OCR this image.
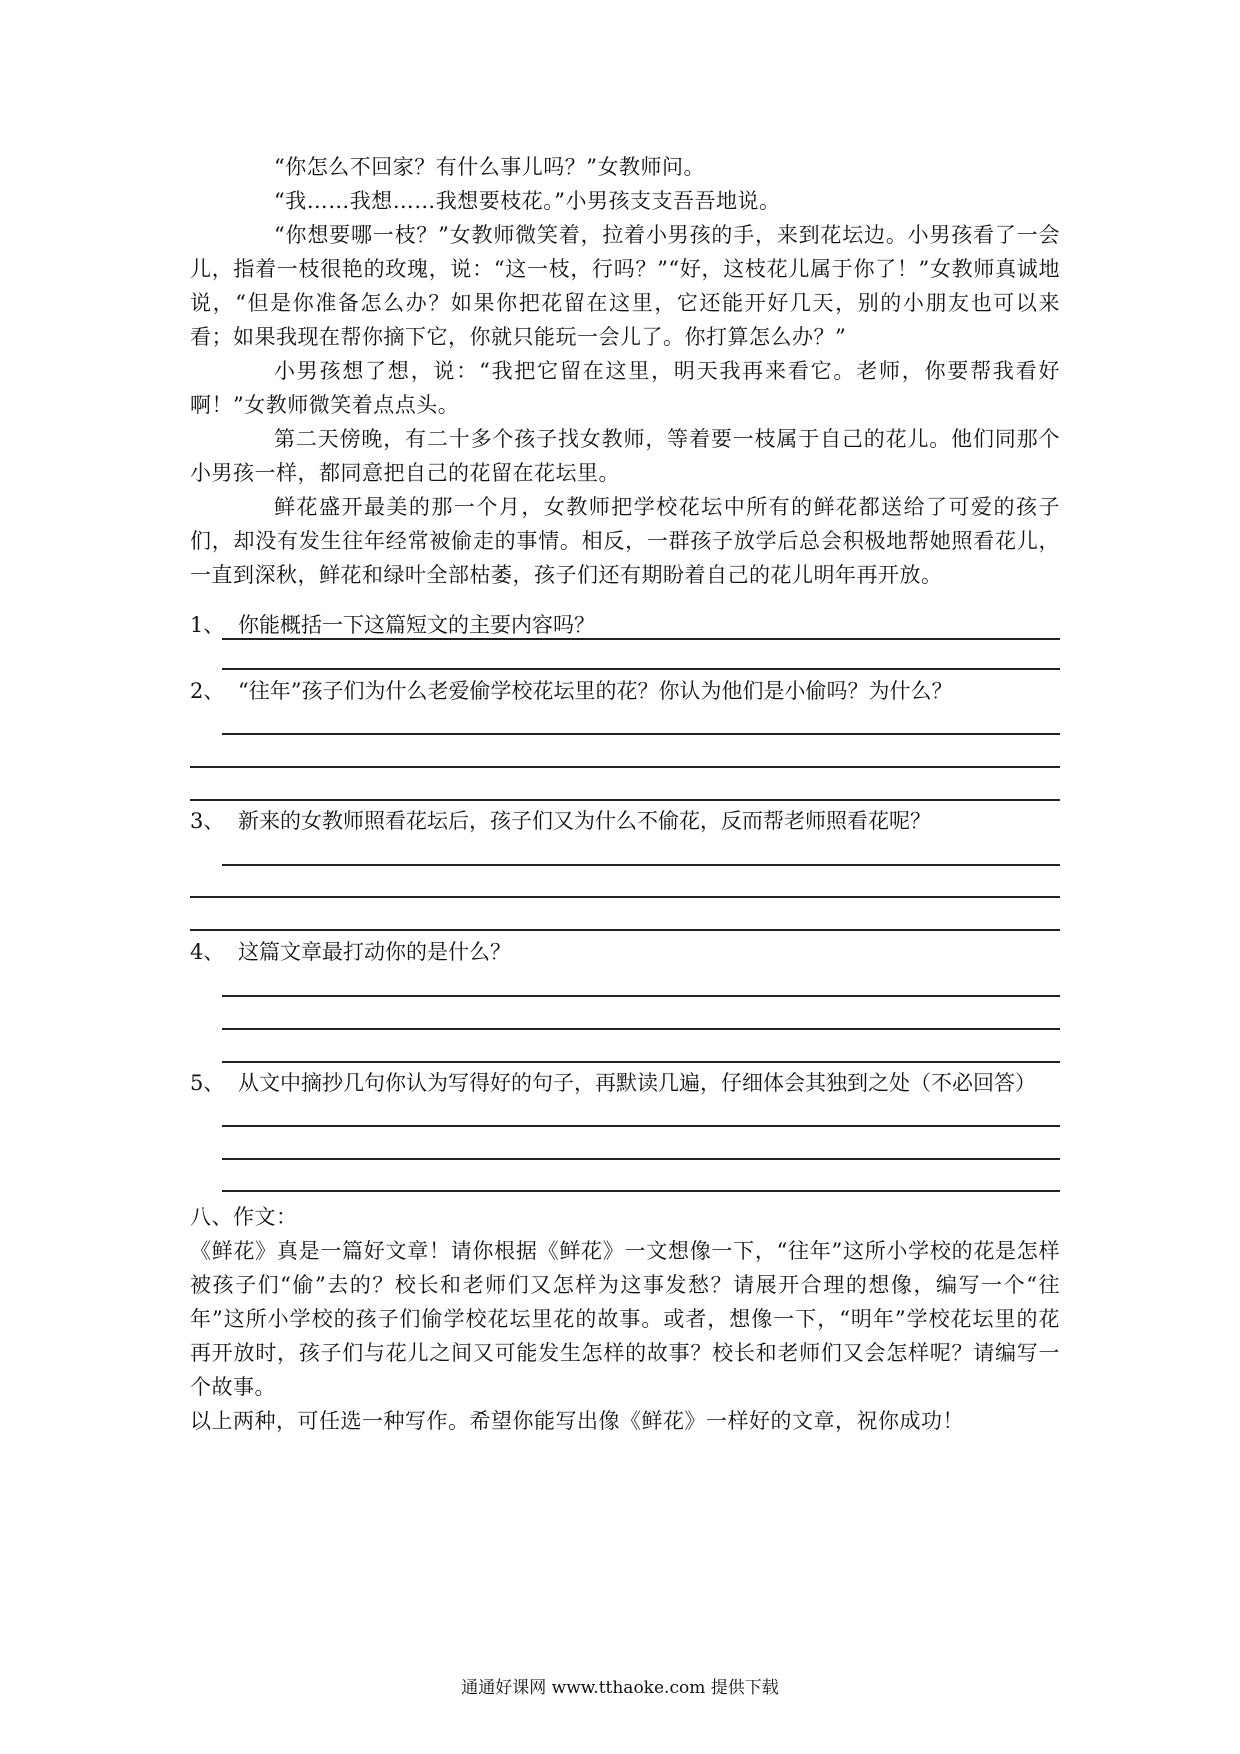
“你怎么不回家？有什么事儿吗？”女教师问。

“我……我想……我想要枝花。”小男孩支支吾吾地说。

“你想要哪一枝？”女教师微笑着，拉着小男孩的手，来到花坛边。小男孩看了一会儿，指着一枝很艳的玫瑰，说：“这一枝，行吗？”“好，这枝花儿属于你了！”女教师真诚地说，“但是你准备怎么办？如果你把花留在这里，它还能开好几天，别的小朋友也可以来看；如果我现在帮你摘下它，你就只能玩一会儿了。你打算怎么办？”

小男孩想了想，说：“我把它留在这里，明天我再来看它。老师，你要帮我看好啊！”女教师微笑着点点头。

第二天傍晚，有二十多个孩子找女教师，等着要一枝属于自己的花儿。他们同那个小男孩一样，都同意把自己的花留在花坛里。

鲜花盛开最美的那一个月，女教师把学校花坛中所有的鲜花都送给了可爱的孩子们，却没有发生往年经常被偷走的事情。相反，一群孩子放学后总会积极地帮她照看花儿，一直到深秋，鲜花和绿叶全部枯萎，孩子们还有期盼着自己的花儿明年再开放。

1、 你能概括一下这篇短文的主要内容吗？
2、 “往年”孩子们为什么老爱偷学校花坛里的花？你认为他们是小偷吗？为什么？
3、 新来的女教师照看花坛后，孩子们又为什么不偷花，反而帮老师照看花呢？
4、 这篇文章最打动你的是什么？
5、 从文中摘抄几句你认为写得好的句子，再默读几遍，仔细体会其独到之处（不必回答）

八、作文：

《鲜花》真是一篇好文章！请你根据《鲜花》一文想像一下，“往年”这所小学校的花是怎样被孩子们“偷”去的？校长和老师们又怎样为这事发愁？请展开合理的想像，编写一个“往年”这所小学校的孩子们偷学校花坛里花的故事。或者，想像一下，“明年”学校花坛里的花再开放时，孩子们与花儿之间又可能发生怎样的故事？校长和老师们又会怎样呢？请编写一个故事。

以上两种，可任选一种写作。希望你能写出像《鲜花》一样好的文章，祝你成功！

通通好课网 www.tthaoke.com 提供下载
